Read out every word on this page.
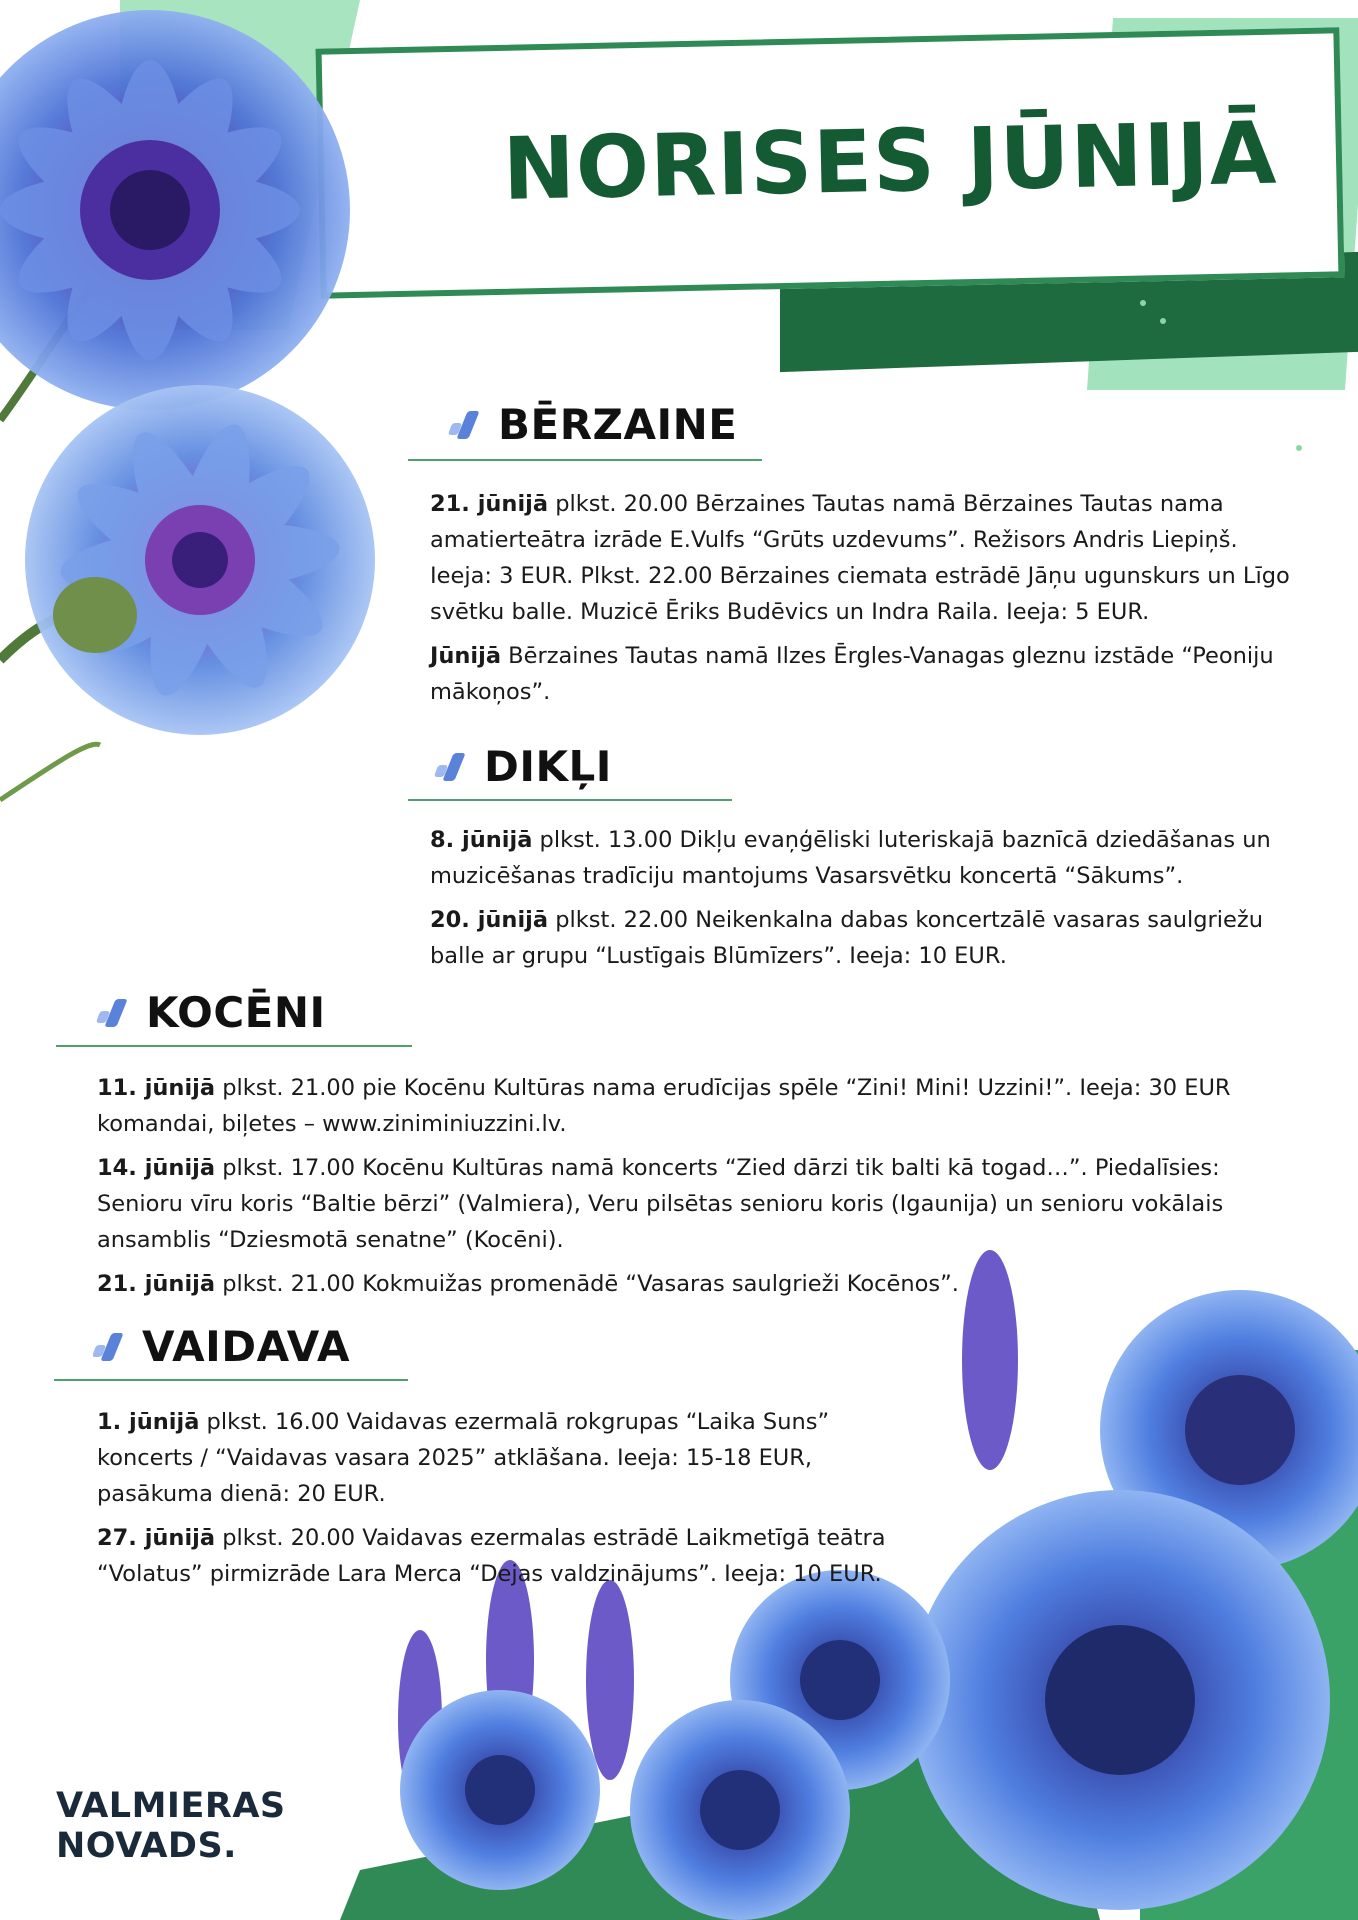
NORISES JŪNIJĀ
BĒRZAINE

21. jūnijā plkst. 20.00 Bērzaines Tautas namā Bērzaines Tautas nama amatierteātra izrāde E.Vulfs “Grūts uzdevums”. Režisors Andris Liepiņš. Ieeja: 3 EUR. Plkst. 22.00 Bērzaines ciemata estrādē Jāņu ugunskurs un Līgo svētku balle. Muzicē Ēriks Budēvics un Indra Raila. Ieeja: 5 EUR.

Jūnijā Bērzaines Tautas namā Ilzes Ērgles-Vanagas gleznu izstāde “Peoniju mākoņos”.

DIKĻI

8. jūnijā plkst. 13.00 Dikļu evaņģēliski luteriskajā baznīcā dziedāšanas un muzicēšanas tradīciju mantojums Vasarsvētku koncertā “Sākums”.

20. jūnijā plkst. 22.00 Neikenkalna dabas koncertzālē vasaras saulgriežu balle ar grupu “Lustīgais Blūmīzers”. Ieeja: 10 EUR.

KOCĒNI

11. jūnijā plkst. 21.00 pie Kocēnu Kultūras nama erudīcijas spēle “Zini! Mini! Uzzini!”. Ieeja: 30 EUR komandai, biļetes – www.ziniminiuzzini.lv.

14. jūnijā plkst. 17.00 Kocēnu Kultūras namā koncerts “Zied dārzi tik balti kā togad…”. Piedalīsies: Senioru vīru koris “Baltie bērzi” (Valmiera), Veru pilsētas senioru koris (Igaunija) un senioru vokālais ansamblis “Dziesmotā senatne” (Kocēni).

21. jūnijā plkst. 21.00 Kokmuižas promenādē “Vasaras saulgrieži Kocēnos”.

VAIDAVA

1. jūnijā plkst. 16.00 Vaidavas ezermalā rokgrupas “Laika Suns” koncerts / “Vaidavas vasara 2025” atklāšana. Ieeja: 15-18 EUR, pasākuma dienā: 20 EUR.

27. jūnijā plkst. 20.00 Vaidavas ezermalas estrādē Laikmetīgā teātra “Volatus” pirmizrāde Lara Merca “Dejas valdzinājums”. Ieeja: 10 EUR.

VALMIERAS
NOVADS.
